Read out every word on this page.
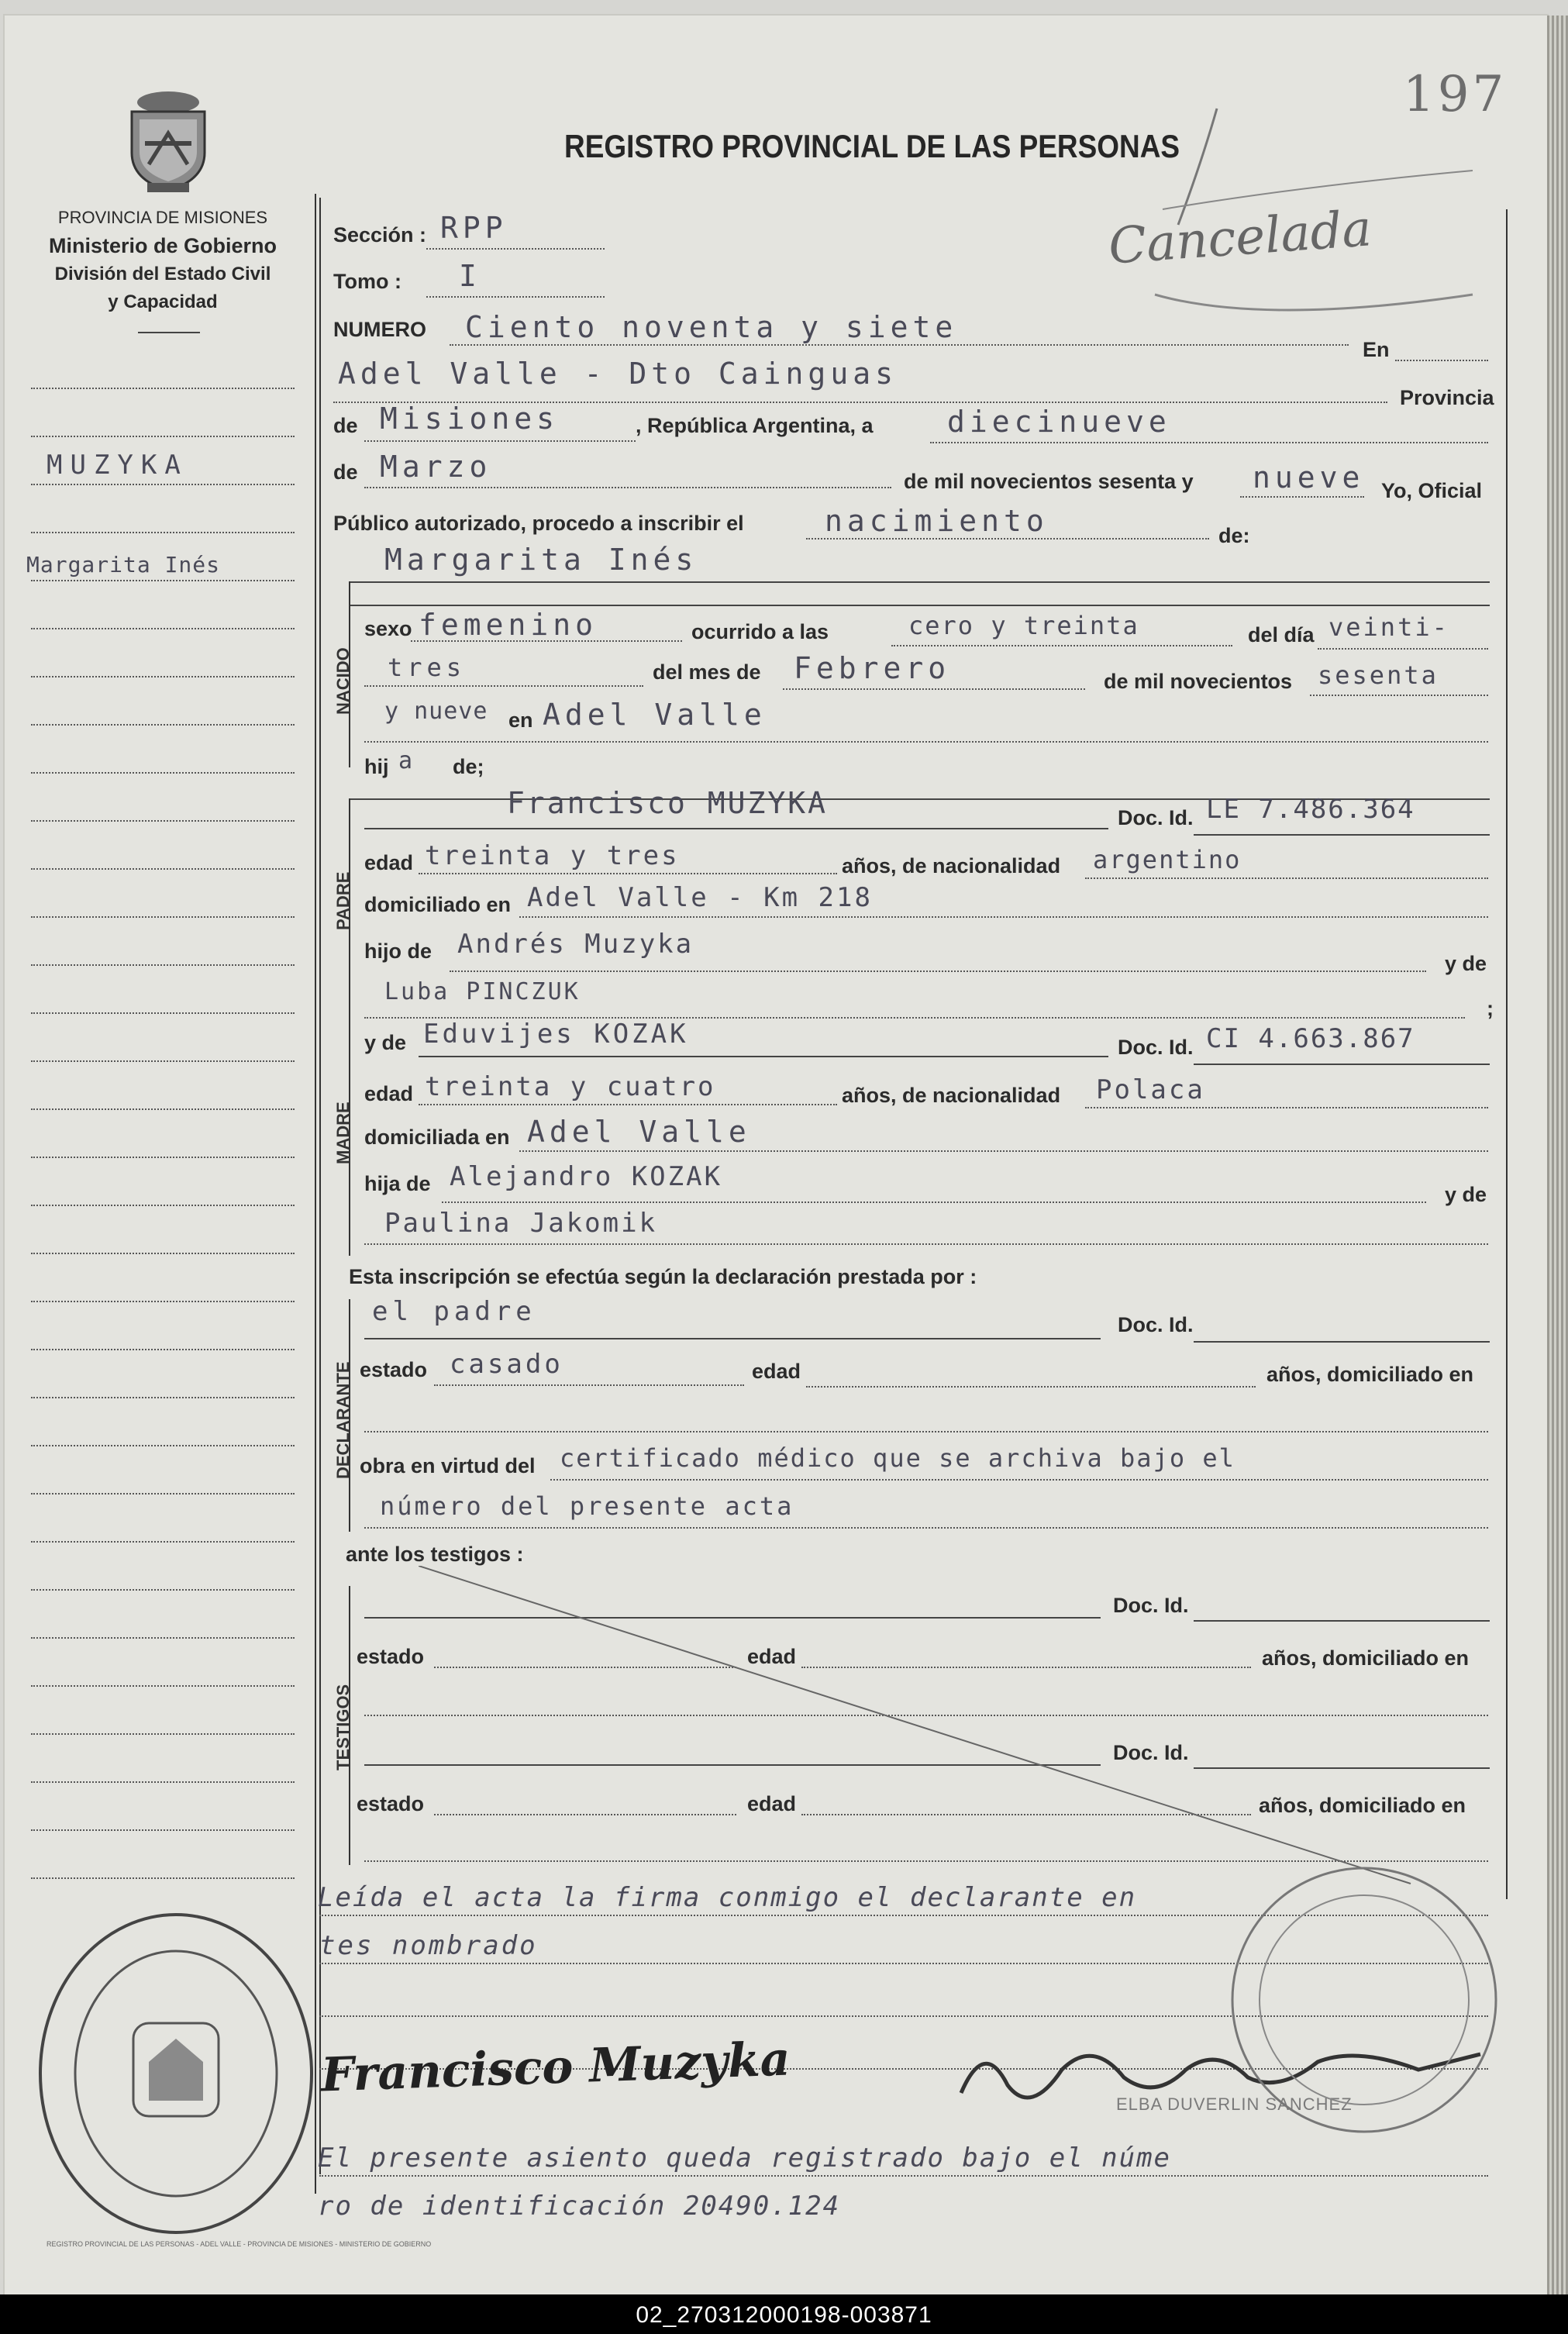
197
PROVINCIA DE MISIONES
Ministerio de Gobierno
División del Estado Civil
y Capacidad
REGISTRO PROVINCIAL DE LAS PERSONAS
Cancelada
MUZYKA
Margarita Inés
Sección : RPP
Tomo : I
NUMERO Ciento noventa y siete
En
Adel Valle - Dto Cainguas
Provincia
de Misiones	, República Argentina, a	diecinueve
de Marzo	de mil novecientos sesenta y nueve Yo, Oficial
Público autorizado, procedo a inscribir el	nacimiento	de:
NACIDO
Margarita Inés
sexo femenino	ocurrido a las	cero y treinta	del día veinti-
tres	del mes de Febrero	de mil novecientos sesenta
y nueve en Adel Valle
hij a de;
PADRE
Francisco MUZYKA	Doc. Id. LE 7.486.364
edad treinta y tres	años, de nacionalidad argentino
domiciliado en Adel Valle - Km 218
hijo de Andrés Muzyka
y de
Luba PINCZUK
;
MADRE
y de Eduvijes KOZAK	Doc. Id. CI 4.663.867
edad treinta y cuatro	años, de nacionalidad Polaca
domiciliada en Adel Valle
hija de Alejandro KOZAK
y de
Paulina Jakomik
Esta inscripción se efectúa según la declaración prestada por :
DECLARANTE
el padre	Doc. Id.
estado casado	edad	años, domiciliado en
obra en virtud del certificado médico que se archiva bajo el
número del presente acta
ante los testigos :
TESTIGOS
Doc. Id.
estado	edad	años, domiciliado en
Doc. Id.
estado	edad	años, domiciliado en
Leída el acta la firma conmigo el declarante en
tes nombrado
Francisco Muzyka
ELBA DUVERLIN SANCHEZ
El presente asiento queda registrado bajo el núme
ro de identificación 20490.124
REGISTRO PROVINCIAL DE LAS PERSONAS - ADEL VALLE - PROVINCIA DE MISIONES - MINISTERIO DE GOBIERNO
02_270312000198-003871
